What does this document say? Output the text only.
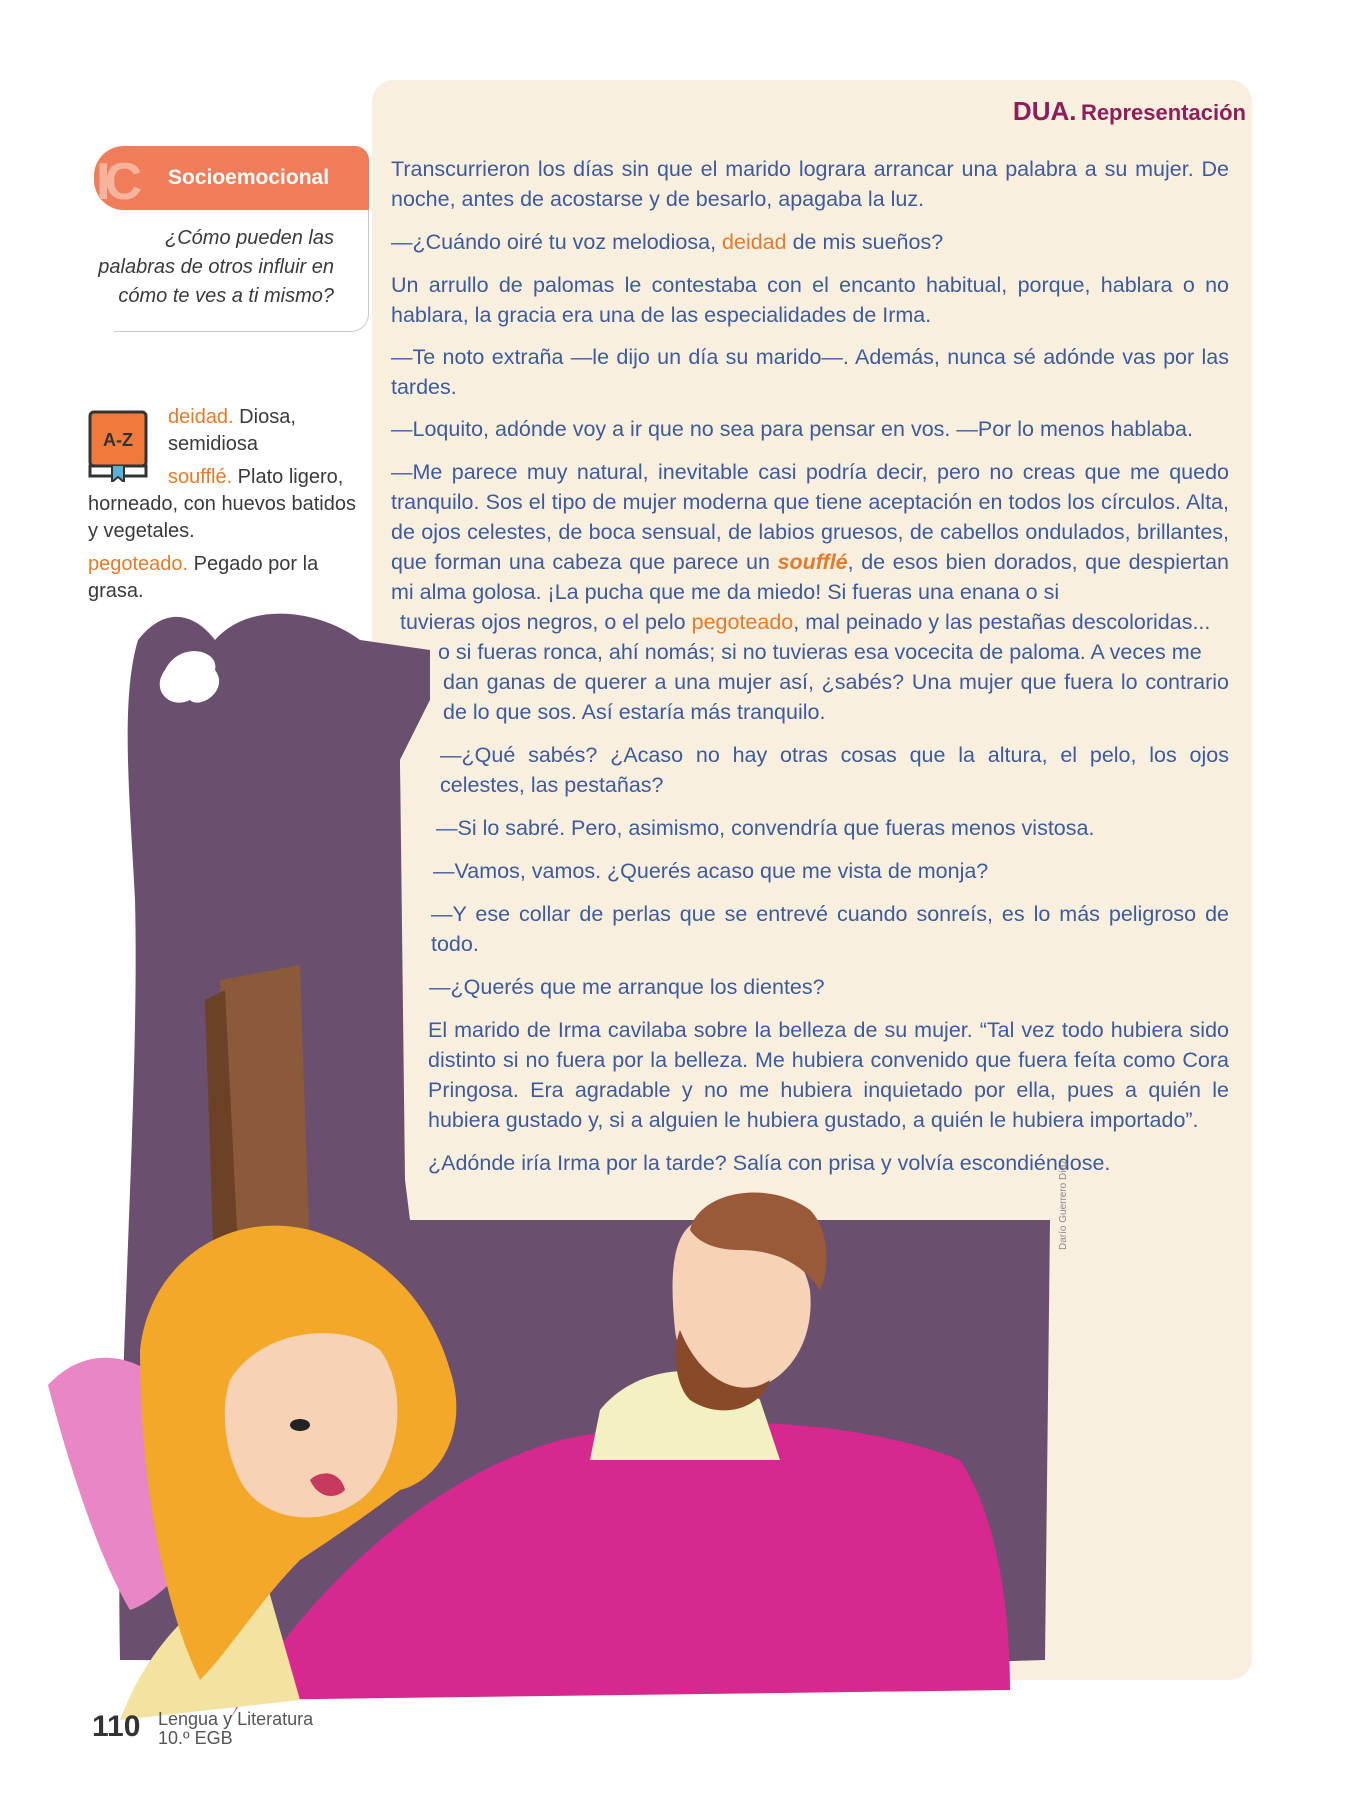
DUA. Representación
IC Socioemocional
¿Cómo pueden las palabras de otros influir en cómo te ves a ti mismo?
A-Z

deidad. Diosa, semidiosa

soufflé. Plato ligero, horneado, con huevos batidos y vegetales.

pegoteado. Pegado por la grasa.

Transcurrieron los días sin que el marido lograra arrancar una palabra a su mujer. De noche, antes de acostarse y de besarlo, apagaba la luz.
—¿Cuándo oiré tu voz melodiosa, deidad de mis sueños?
Un arrullo de palomas le contestaba con el encanto habitual, porque, hablara o no hablara, la gracia era una de las especialidades de Irma.
—Te noto extraña —le dijo un día su marido—. Además, nunca sé adónde vas por las tardes.
—Loquito, adónde voy a ir que no sea para pensar en vos. —Por lo menos hablaba.
—Me parece muy natural, inevitable casi podría decir, pero no creas que me quedo tranquilo. Sos el tipo de mujer moderna que tiene aceptación en todos los círculos. Alta, de ojos celestes, de boca sensual, de labios gruesos, de cabellos ondulados, brillantes, que forman una cabeza que parece un soufflé, de esos bien dorados, que despiertan mi alma golosa. ¡La pucha que me da miedo! Si fueras una enana o si
tuvieras ojos negros, o el pelo pegoteado, mal peinado y las pestañas descoloridas...
o si fueras ronca, ahí nomás; si no tuvieras esa vocecita de paloma. A veces me
dan ganas de querer a una mujer así, ¿sabés? Una mujer que fuera lo contrario de lo que sos. Así estaría más tranquilo.
—¿Qué sabés? ¿Acaso no hay otras cosas que la altura, el pelo, los ojos celestes, las pestañas?
—Si lo sabré. Pero, asimismo, convendría que fueras menos vistosa.
—Vamos, vamos. ¿Querés acaso que me vista de monja?
—Y ese collar de perlas que se entrevé cuando sonreís, es lo más peligroso de todo.
—¿Querés que me arranque los dientes?
El marido de Irma cavilaba sobre la belleza de su mujer. “Tal vez todo hubiera sido distinto si no fuera por la belleza. Me hubiera convenido que fuera feíta como Cora Pringosa. Era agradable y no me hubiera inquietado por ella, pues a quién le hubiera gustado y, si a alguien le hubiera gustado, a quién le hubiera importado”.
¿Adónde iría Irma por la tarde? Salía con prisa y volvía escondiéndose.
Darío Guerrero Díaz
110 Lengua y Literatura
10.º EGB
